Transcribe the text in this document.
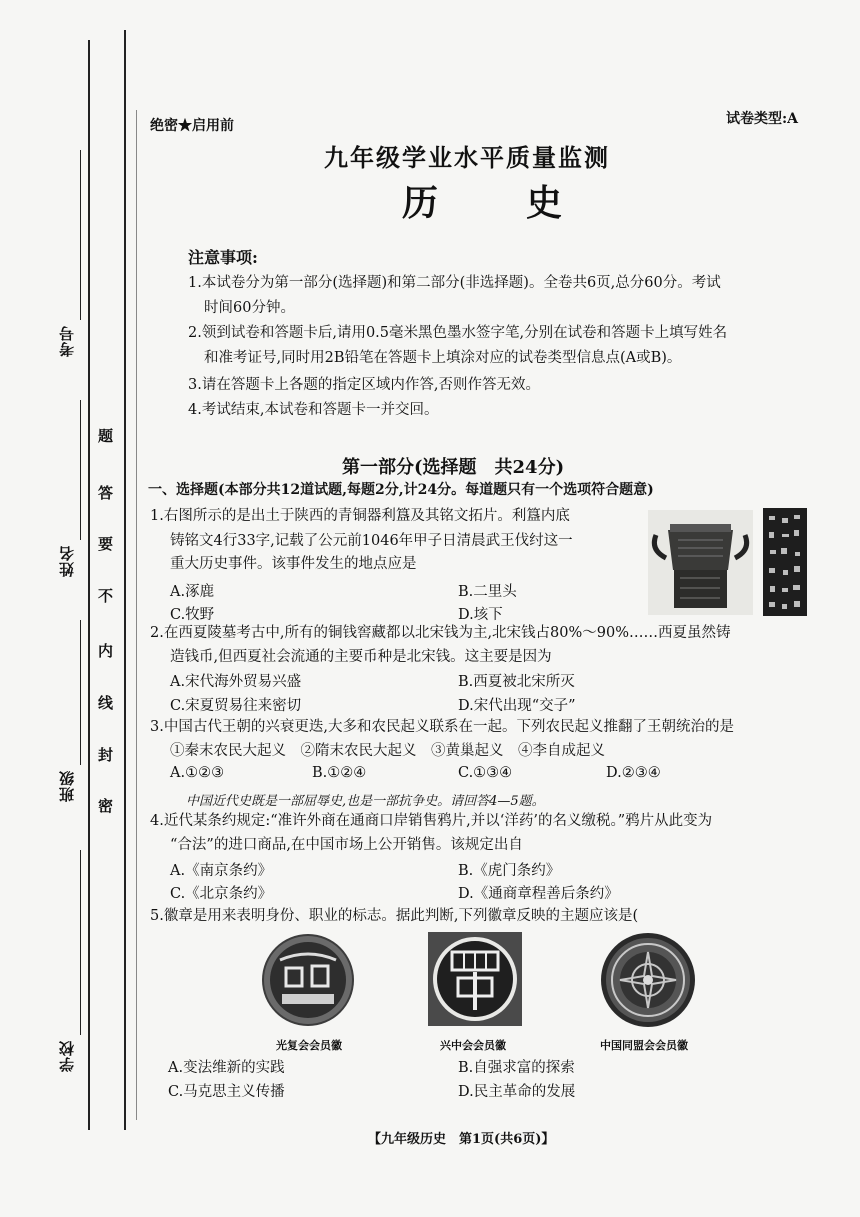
考号
姓名
班级
学校
题
答
要
不
内
线
封
密
绝密★启用前	试卷类型:A
九年级学业水平质量监测
历　史
注意事项:
1.本试卷分为第一部分(选择题)和第二部分(非选择题)。全卷共6页,总分60分。考试
时间60分钟。
2.领到试卷和答题卡后,请用0.5毫米黑色墨水签字笔,分别在试卷和答题卡上填写姓名
和准考证号,同时用2B铅笔在答题卡上填涂对应的试卷类型信息点(A或B)。
3.请在答题卡上各题的指定区域内作答,否则作答无效。
4.考试结束,本试卷和答题卡一并交回。
第一部分(选择题　共24分)
一、选择题(本部分共12道试题,每题2分,计24分。每道题只有一个选项符合题意)
1.右图所示的是出土于陕西的青铜器利簋及其铭文拓片。利簋内底
铸铭文4行33字,记载了公元前1046年甲子日清晨武王伐纣这一
重大历史事件。该事件发生的地点应是
A.涿鹿	B.二里头
C.牧野	D.垓下
2.在西夏陵墓考古中,所有的铜钱窖藏都以北宋钱为主,北宋钱占80%～90%……西夏虽然铸
造钱币,但西夏社会流通的主要币种是北宋钱。这主要是因为
A.宋代海外贸易兴盛	B.西夏被北宋所灭
C.宋夏贸易往来密切	D.宋代出现“交子”
3.中国古代王朝的兴衰更迭,大多和农民起义联系在一起。下列农民起义推翻了王朝统治的是
①秦末农民大起义　②隋末农民大起义　③黄巢起义　④李自成起义
A.①②③	B.①②④	C.①③④	D.②③④
中国近代史既是一部屈辱史,也是一部抗争史。请回答4—5题。
4.近代某条约规定:“准许外商在通商口岸销售鸦片,并以‘洋药’的名义缴税。”鸦片从此变为
“合法”的进口商品,在中国市场上公开销售。该规定出自
A.《南京条约》	B.《虎门条约》
C.《北京条约》	D.《通商章程善后条约》
5.徽章是用来表明身份、职业的标志。据此判断,下列徽章反映的主题应该是(
光复会会员徽	兴中会会员徽	中国同盟会会员徽
A.变法维新的实践	B.自强求富的探索
C.马克思主义传播	D.民主革命的发展
【九年级历史　第1页(共6页)】
